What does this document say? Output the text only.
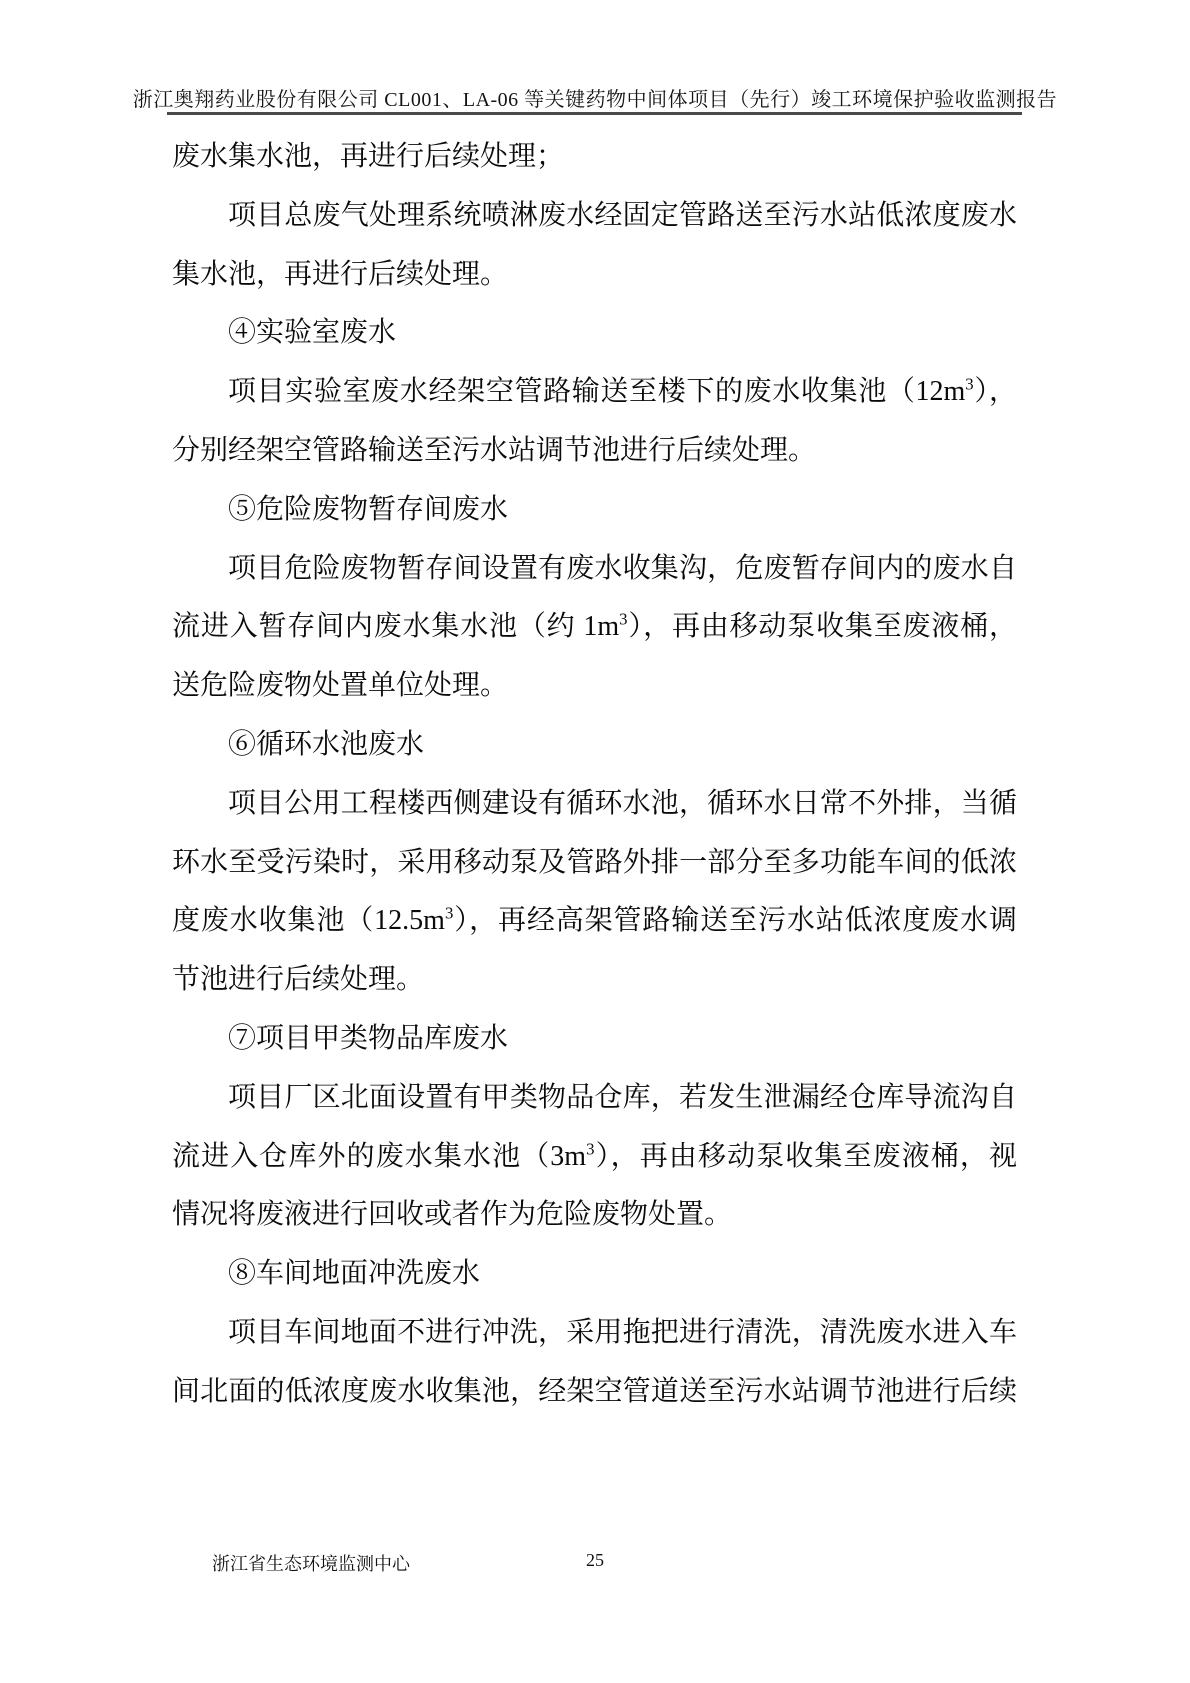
浙江奥翔药业股份有限公司 CL001、LA-06 等关键药物中间体项目（先行）竣工环境保护验收监测报告
废水集水池，再进行后续处理；
项目总废气处理系统喷淋废水经固定管路送至污水站低浓度废水
集水池，再进行后续处理。
④实验室废水
项目实验室废水经架空管路输送至楼下的废水收集池$(12m^3)$，
分别经架空管路输送至污水站调节池进行后续处理。
⑤危险废物暂存间废水
项目危险废物暂存间设置有废水收集沟，危废暂存间内的废水自
流进入暂存间内废水集水池（约 $1m^3$），再由移动泵收集至废液桶，
送危险废物处置单位处理。
⑥循环水池废水
项目公用工程楼西侧建设有循环水池，循环水日常不外排，当循
环水至受污染时，采用移动泵及管路外排一部分至多功能车间的低浓
度废水收集池$(12.5m^3)$，再经高架管路输送至污水站低浓度废水调
节池进行后续处理。
⑦项目甲类物品库废水
项目厂区北面设置有甲类物品仓库，若发生泄漏经仓库导流沟自
流进入仓库外的废水集水池$(3m^3)$，再由移动泵收集至废液桶，视
情况将废液进行回收或者作为危险废物处置。
⑧车间地面冲洗废水
项目车间地面不进行冲洗，采用拖把进行清洗，清洗废水进入车
间北面的低浓度废水收集池，经架空管道送至污水站调节池进行后续
浙江省生态环境监测中心	25
